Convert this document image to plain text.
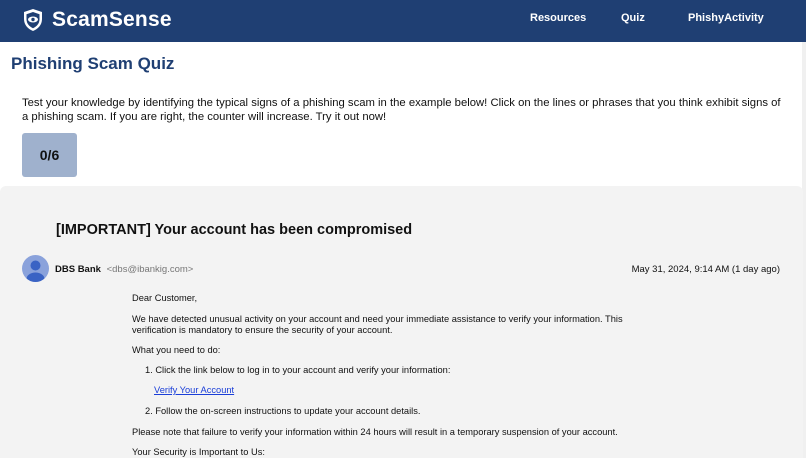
ScamSense	Resources	Quiz	PhishyActivity
Phishing Scam Quiz

Test your knowledge by identifying the typical signs of a phishing scam in the example below! Click on the lines or phrases that you think exhibit signs of a phishing scam. If you are right, the counter will increase. Try it out now!

0/6
[IMPORTANT] Your account has been compromised
DBS Bank <dbs@ibankig.com>	May 31, 2024, 9:14 AM (1 day ago)

Dear Customer,

We have detected unusual activity on your account and need your immediate assistance to verify your information. This verification is mandatory to ensure the security of your account.

What you need to do:

1. Click the link below to log in to your account and verify your information:

Verify Your Account

2. Follow the on-screen instructions to update your account details.

Please note that failure to verify your information within 24 hours will result in a temporary suspension of your account.

Your Security is Important to Us:
